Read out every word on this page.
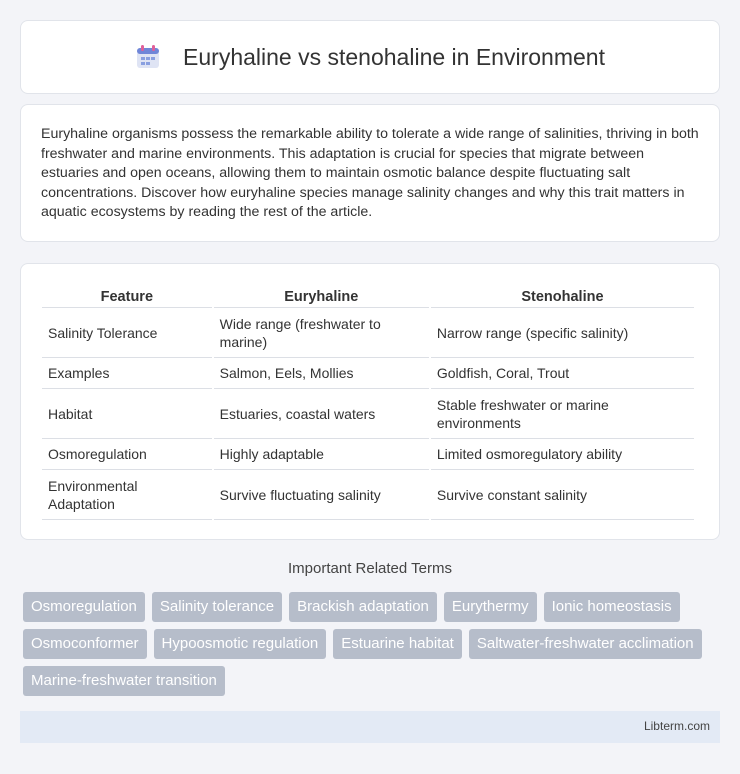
Euryhaline vs stenohaline in Environment

Euryhaline organisms possess the remarkable ability to tolerate a wide range of salinities, thriving in both freshwater and marine environments. This adaptation is crucial for species that migrate between estuaries and open oceans, allowing them to maintain osmotic balance despite fluctuating salt concentrations. Discover how euryhaline species manage salinity changes and why this trait matters in aquatic ecosystems by reading the rest of the article.

Feature	Euryhaline	Stenohaline
Salinity Tolerance	Wide range (freshwater to marine)	Narrow range (specific salinity)
Examples	Salmon, Eels, Mollies	Goldfish, Coral, Trout
Habitat	Estuaries, coastal waters	Stable freshwater or marine environments
Osmoregulation	Highly adaptable	Limited osmoregulatory ability
Environmental Adaptation	Survive fluctuating salinity	Survive constant salinity
Important Related Terms
Osmoregulation	Salinity tolerance	Brackish adaptation	Eurythermy	Ionic homeostasis
Osmoconformer	Hypoosmotic regulation	Estuarine habitat	Saltwater-freshwater acclimation
Marine-freshwater transition
Libterm.com
